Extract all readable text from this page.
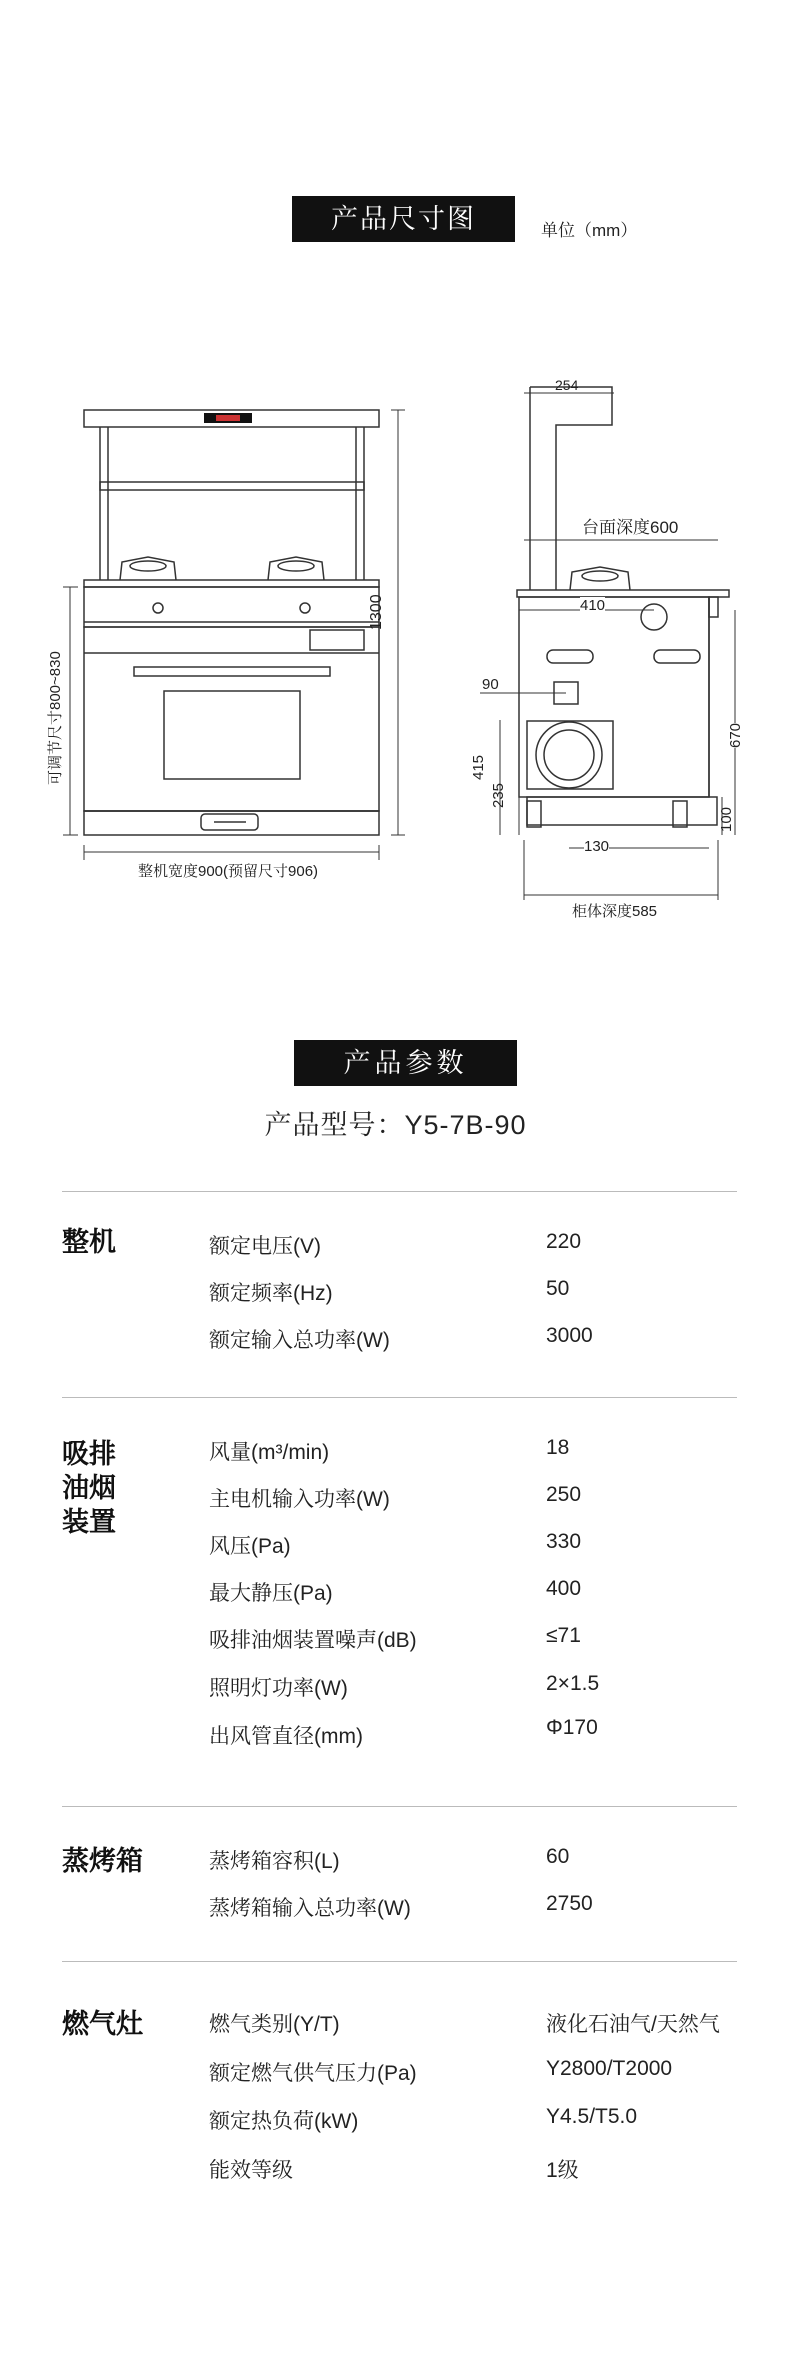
产品尺寸图	单位（mm）
1300
可调节尺寸800~830
整机宽度900(预留尺寸906)
254
台面深度600
410
90
670
415
235
130
100
柜体深度585
产品参数
产品型号：Y5-7B-90
整机	额定电压(V)	220
额定频率(Hz)	50
额定输入总功率(W)	3000
吸排
油烟
装置
风量(m³/min)	18
主电机输入功率(W)	250
风压(Pa)	330
最大静压(Pa)	400
吸排油烟装置噪声(dB)	≤71
照明灯功率(W)	2×1.5
出风管直径(mm)	Φ170
蒸烤箱	蒸烤箱容积(L)	60
蒸烤箱输入总功率(W)	2750
燃气灶	燃气类别(Y/T)	液化石油气/天然气
额定燃气供气压力(Pa)	Y2800/T2000
额定热负荷(kW)	Y4.5/T5.0
能效等级	1级
